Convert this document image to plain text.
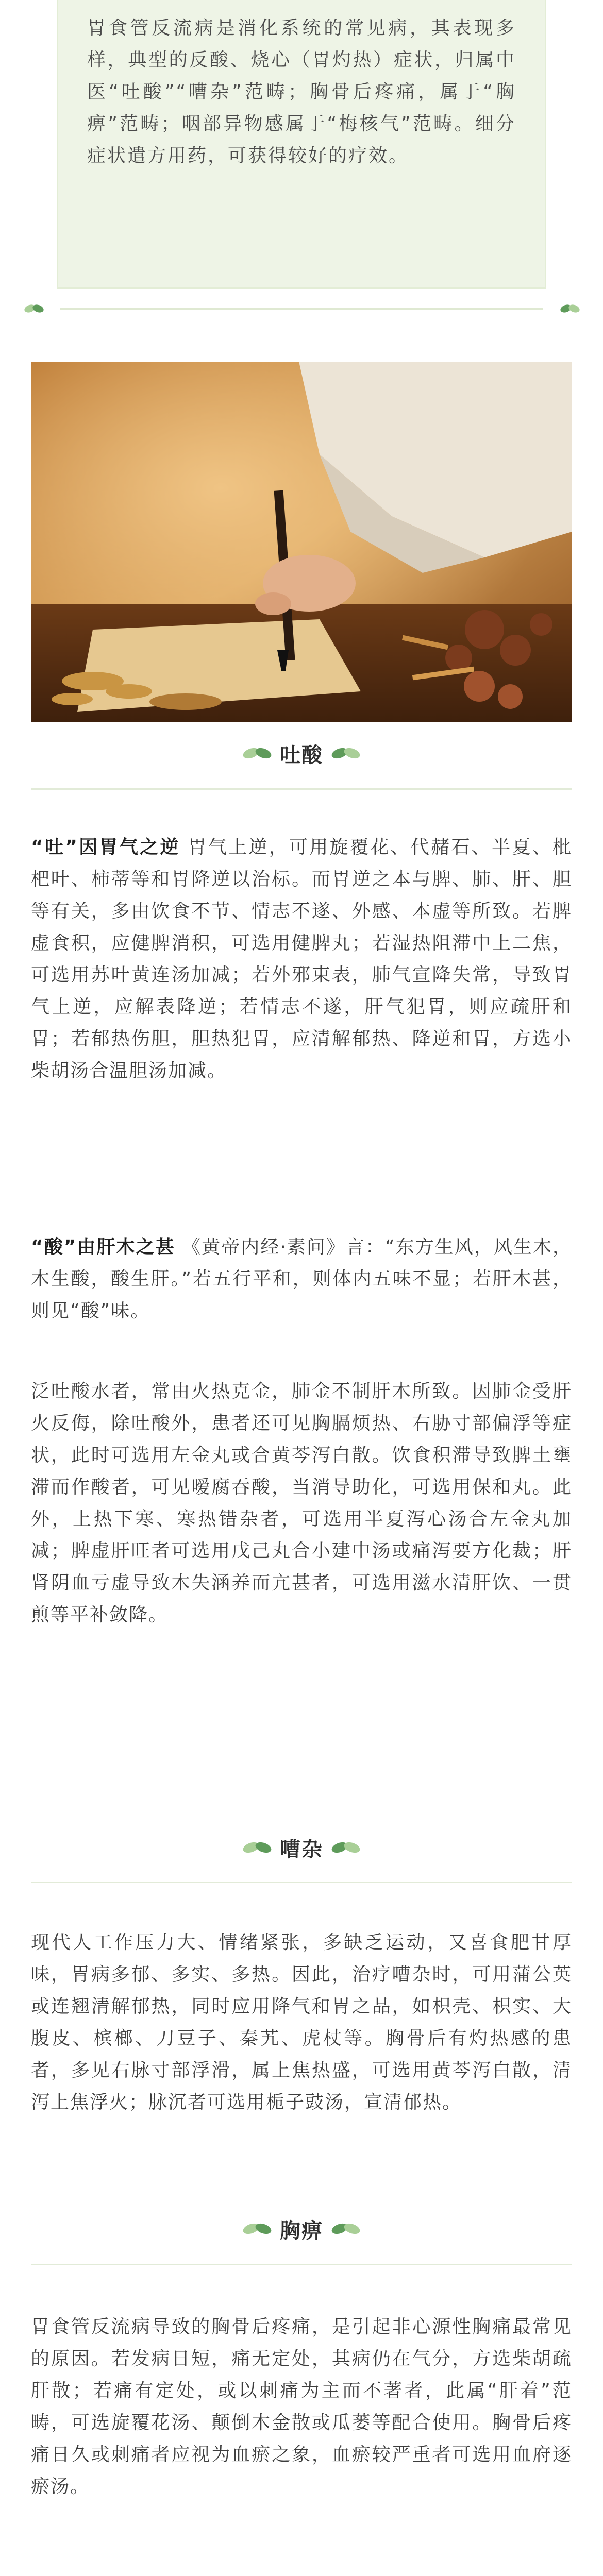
胃食管反流病是消化系统的常见病，其表现多样，典型的反酸、烧心（胃灼热）症状，归属中医“吐酸”“嘈杂”范畴；胸骨后疼痛，属于“胸痹”范畴；咽部异物感属于“梅核气”范畴。细分症状遣方用药，可获得较好的疗效。

吐酸

“吐”因胃气之逆 胃气上逆，可用旋覆花、代赭石、半夏、枇杷叶、柿蒂等和胃降逆以治标。而胃逆之本与脾、肺、肝、胆等有关，多由饮食不节、情志不遂、外感、本虚等所致。若脾虚食积，应健脾消积，可选用健脾丸；若湿热阻滞中上二焦，可选用苏叶黄连汤加减；若外邪束表，肺气宣降失常，导致胃气上逆，应解表降逆；若情志不遂，肝气犯胃，则应疏肝和胃；若郁热伤胆，胆热犯胃，应清解郁热、降逆和胃，方选小柴胡汤合温胆汤加减。

“酸”由肝木之甚 《黄帝内经·素问》言：“东方生风，风生木，木生酸，酸生肝。”若五行平和，则体内五味不显；若肝木甚，则见“酸”味。

泛吐酸水者，常由火热克金，肺金不制肝木所致。因肺金受肝火反侮，除吐酸外，患者还可见胸膈烦热、右胁寸部偏浮等症状，此时可选用左金丸或合黄芩泻白散。饮食积滞导致脾土壅滞而作酸者，可见嗳腐吞酸，当消导助化，可选用保和丸。此外，上热下寒、寒热错杂者，可选用半夏泻心汤合左金丸加减；脾虚肝旺者可选用戊己丸合小建中汤或痛泻要方化裁；肝肾阴血亏虚导致木失涵养而亢甚者，可选用滋水清肝饮、一贯煎等平补敛降。

嘈杂

现代人工作压力大、情绪紧张，多缺乏运动，又喜食肥甘厚味，胃病多郁、多实、多热。因此，治疗嘈杂时，可用蒲公英或连翘清解郁热，同时应用降气和胃之品，如枳壳、枳实、大腹皮、槟榔、刀豆子、秦艽、虎杖等。胸骨后有灼热感的患者，多见右脉寸部浮滑，属上焦热盛，可选用黄芩泻白散，清泻上焦浮火；脉沉者可选用栀子豉汤，宣清郁热。

胸痹

胃食管反流病导致的胸骨后疼痛，是引起非心源性胸痛最常见的原因。若发病日短，痛无定处，其病仍在气分，方选柴胡疏肝散；若痛有定处，或以刺痛为主而不著者，此属“肝着”范畴，可选旋覆花汤、颠倒木金散或瓜蒌等配合使用。胸骨后疼痛日久或刺痛者应视为血瘀之象，血瘀较严重者可选用血府逐瘀汤。
